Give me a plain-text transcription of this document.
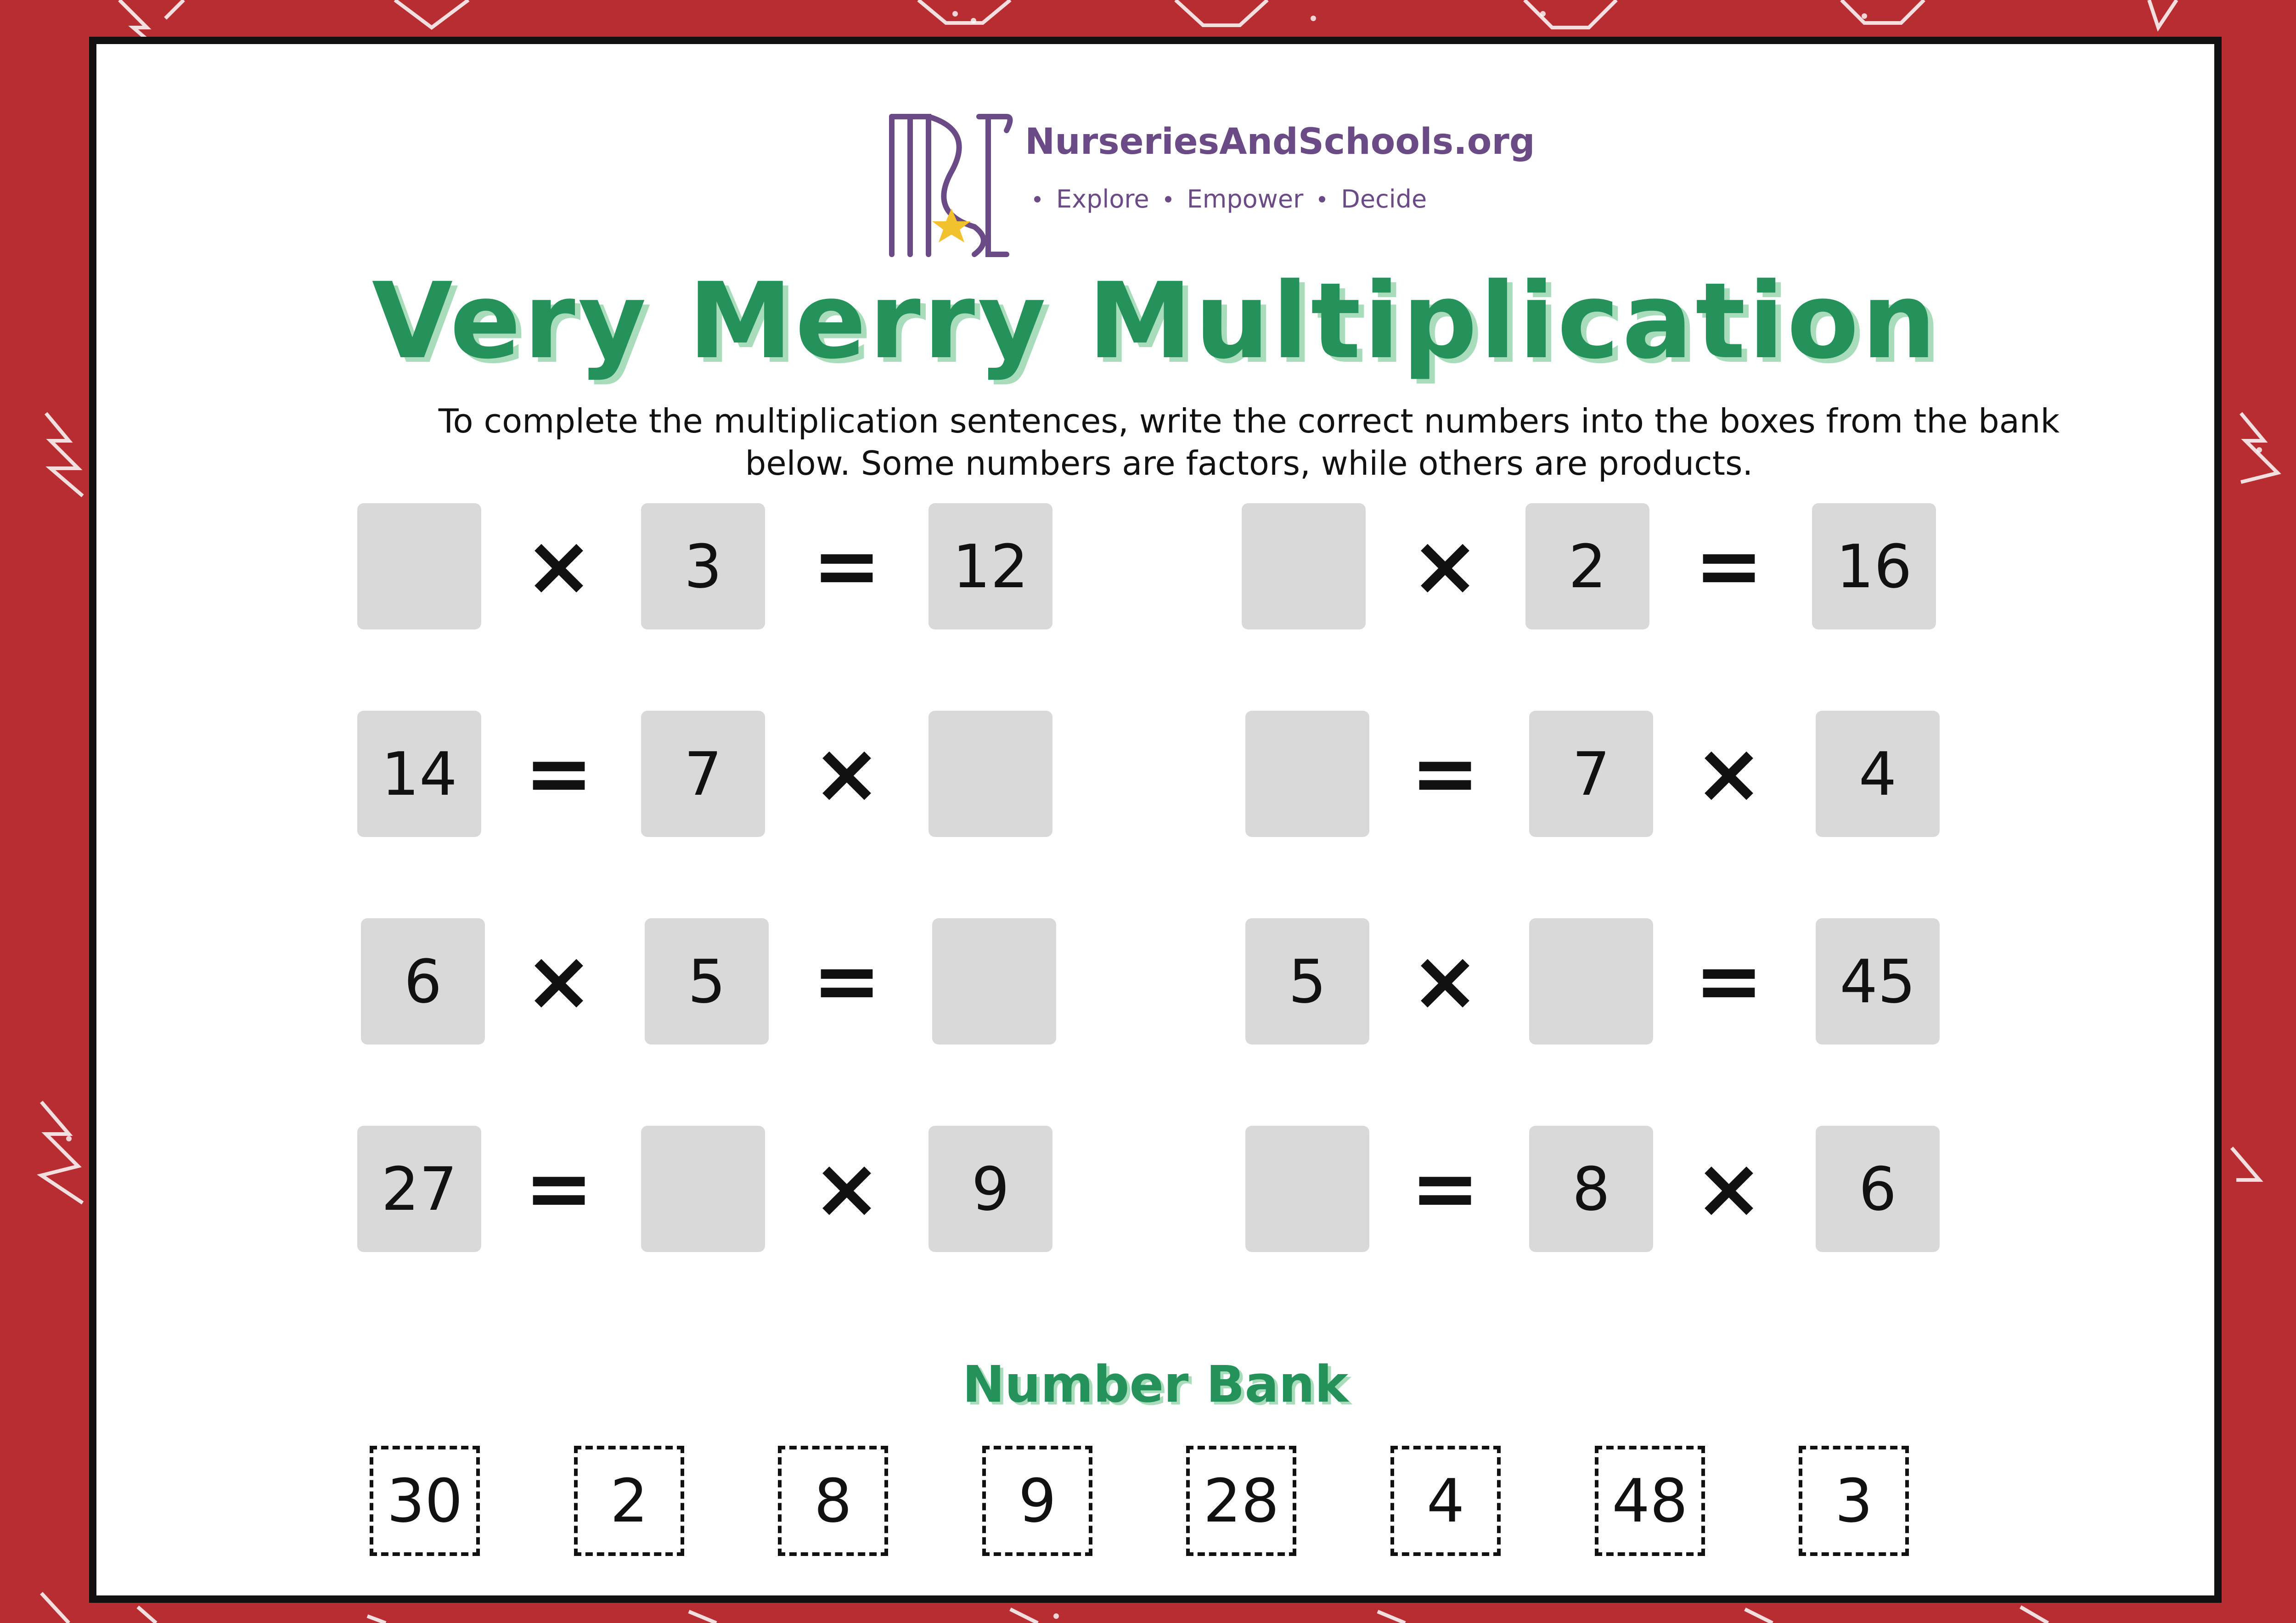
NurseriesAndSchools.org
Explore Empower Decide
Very Merry Multiplication

To complete the multiplication sentences, write the correct numbers into the boxes from the bank below. Some numbers are factors, while others are products.

×	3	=	12
14 =	7	×
6 ×	5	=
27 =	×	9
×	2	=	16
=	7	×	4
5	×	=	45
=	8	×	6
Number Bank
30	2	8	9	28	4	48	3
